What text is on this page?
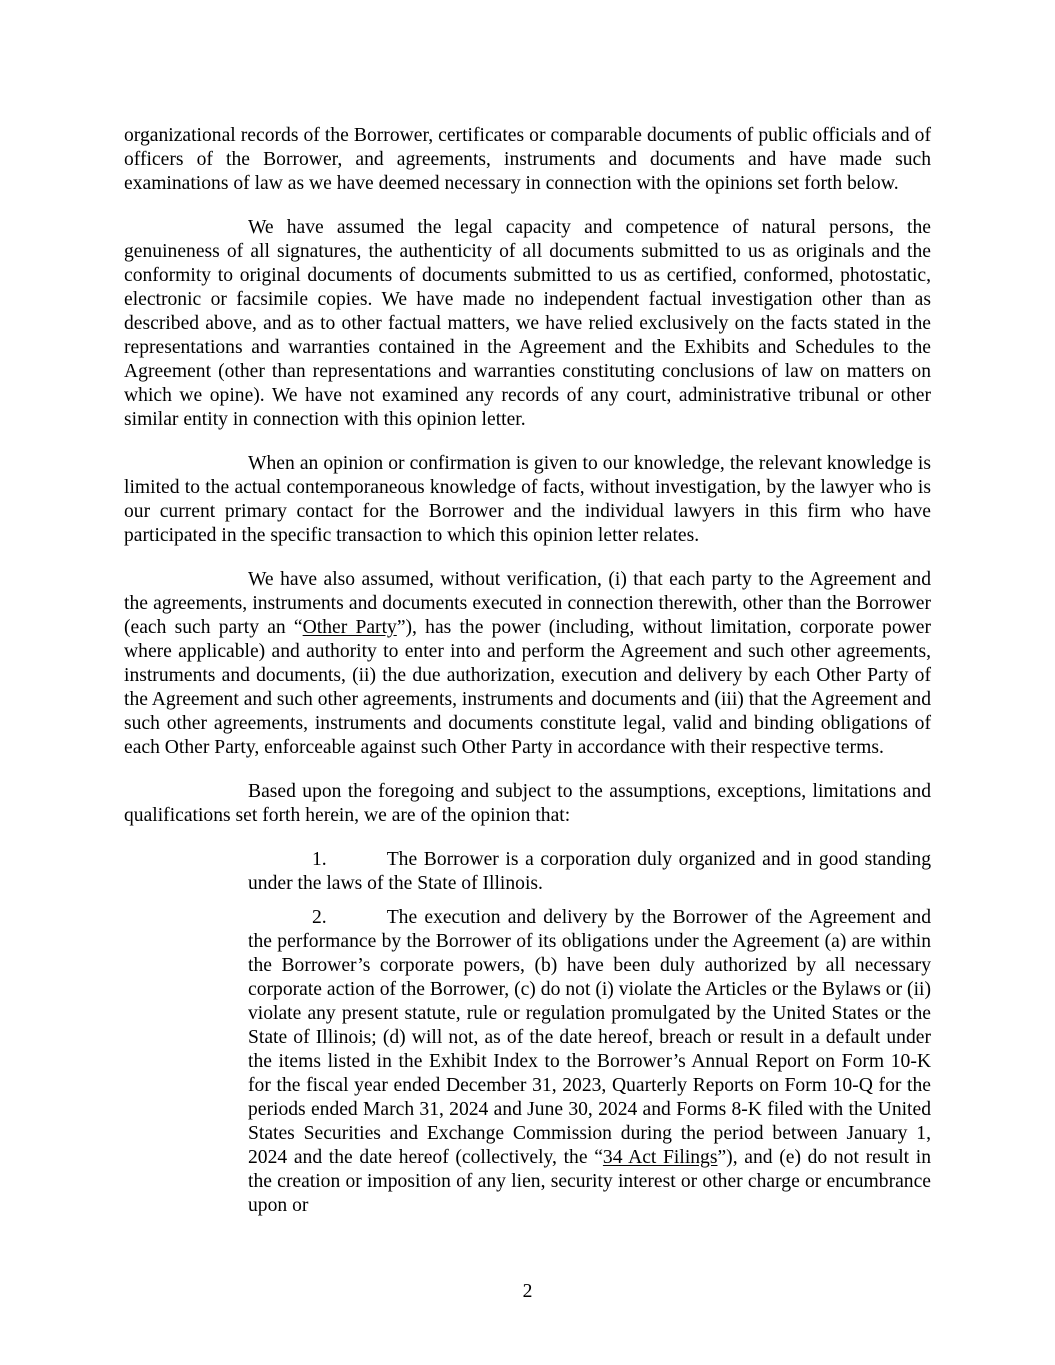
organizational records of the Borrower, certificates or comparable documents of public officials and of officers of the Borrower, and agreements, instruments and documents and have made such examinations of law as we have deemed necessary in connection with the opinions set forth below.

We have assumed the legal capacity and competence of natural persons, the genuineness of all signatures, the authenticity of all documents submitted to us as originals and the conformity to original documents of documents submitted to us as certified, conformed, photostatic, electronic or facsimile copies. We have made no independent factual investigation other than as described above, and as to other factual matters, we have relied exclusively on the facts stated in the representations and warranties contained in the Agreement and the Exhibits and Schedules to the Agreement (other than representations and warranties constituting conclusions of law on matters on which we opine). We have not examined any records of any court, administrative tribunal or other similar entity in connection with this opinion letter.

When an opinion or confirmation is given to our knowledge, the relevant knowledge is limited to the actual contemporaneous knowledge of facts, without investigation, by the lawyer who is our current primary contact for the Borrower and the individual lawyers in this firm who have participated in the specific transaction to which this opinion letter relates.

We have also assumed, without verification, (i) that each party to the Agreement and the agreements, instruments and documents executed in connection therewith, other than the Borrower (each such party an “Other Party”), has the power (including, without limitation, corporate power where applicable) and authority to enter into and perform the Agreement and such other agreements, instruments and documents, (ii) the due authorization, execution and delivery by each Other Party of the Agreement and such other agreements, instruments and documents and (iii) that the Agreement and such other agreements, instruments and documents constitute legal, valid and binding obligations of each Other Party, enforceable against such Other Party in accordance with their respective terms.

Based upon the foregoing and subject to the assumptions, exceptions, limitations and qualifications set forth herein, we are of the opinion that:

1.	The Borrower is a corporation duly organized and in good standing under the laws of the State of Illinois.

2.	The execution and delivery by the Borrower of the Agreement and the performance by the Borrower of its obligations under the Agreement (a) are within the Borrower’s corporate powers, (b) have been duly authorized by all necessary corporate action of the Borrower, (c) do not (i) violate the Articles or the Bylaws or (ii) violate any present statute, rule or regulation promulgated by the United States or the State of Illinois; (d) will not, as of the date hereof, breach or result in a default under the items listed in the Exhibit Index to the Borrower’s Annual Report on Form 10-K for the fiscal year ended December 31, 2023, Quarterly Reports on Form 10-Q for the periods ended March 31, 2024 and June 30, 2024 and Forms 8-K filed with the United States Securities and Exchange Commission during the period between January 1, 2024 and the date hereof (collectively, the “34 Act Filings”), and (e) do not result in the creation or imposition of any lien, security interest or other charge or encumbrance upon or

2
